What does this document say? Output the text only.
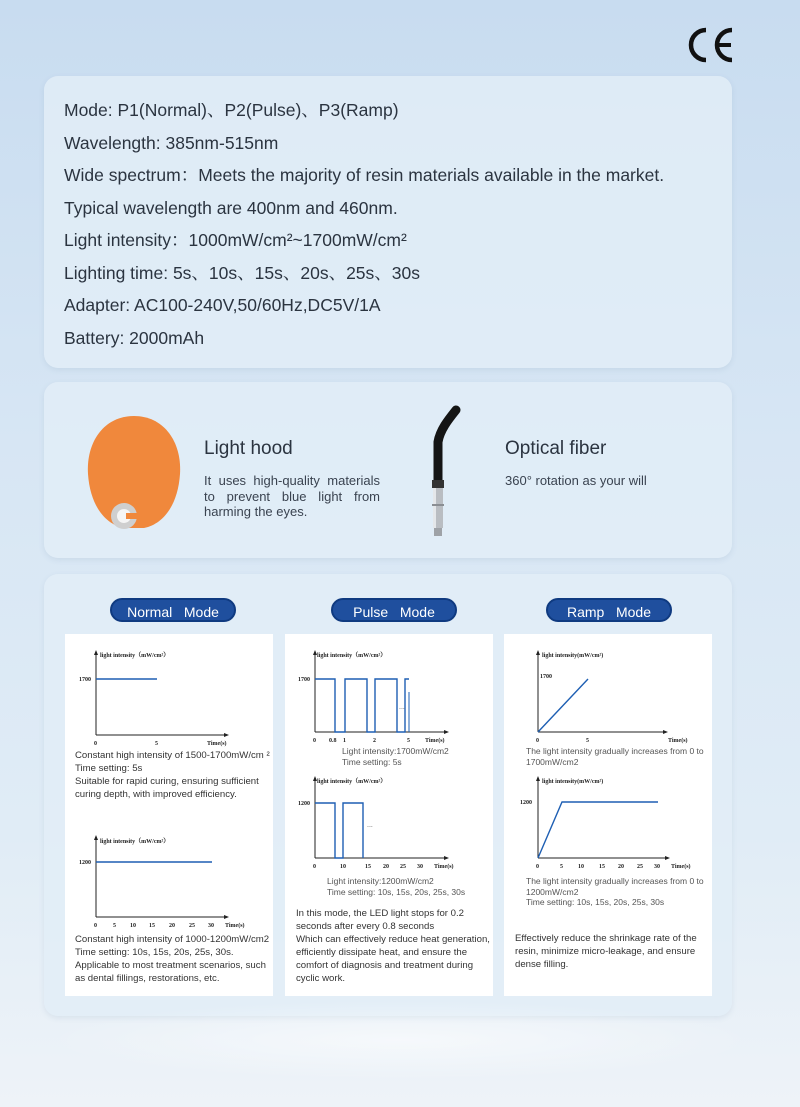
Mode: P1(Normal)、P2(Pulse)、P3(Ramp)
Wavelength: 385nm-515nm
Wide spectrum：Meets the majority of resin materials available in the market.
Typical wavelength are 400nm and 460nm.
Light intensity：1000mW/cm²~1700mW/cm²
Lighting time: 5s、10s、15s、20s、25s、30s
Adapter: AC100-240V,50/60Hz,DC5V/1A
Battery: 2000mAh
Light hood
It uses high-quality materials to prevent blue light from harming the eyes.
Optical fiber
360° rotation as your will
Normal   Mode	Pulse   Mode	Ramp   Mode
light intensity（mW/cm²）
1700
0	5	Time(s)
Constant high intensity of 1500-1700mW/cm ²
Time setting: 5s
Suitable for rapid curing, ensuring sufficient
curing depth, with improved efficiency.
light intensity（mW/cm²）
1200
0	5 10 15 20 25 30 Time(s)
Constant high intensity of 1000-1200mW/cm2
Time setting: 10s, 15s, 20s, 25s, 30s.
Applicable to most treatment scenarios, such
as dental fillings, restorations, etc.
...
light intensity（mW/cm²）
1700
0 0.8 1	2	5	Time(s)
Light intensity:1700mW/cm2
Time setting: 5s
...
light intensity（mW/cm²）
1200
0	10	15 20 25 30 Time(s)
Light intensity:1200mW/cm2
Time setting: 10s, 15s, 20s, 25s, 30s
In this mode, the LED light stops for 0.2
seconds after every 0.8 seconds
Which can effectively reduce heat generation,
efficiently dissipate heat, and ensure the
comfort of diagnosis and treatment during
cyclic work.
light intensity(mW/cm²)
1700
0	5	Time(s)
The light intensity gradually increases from 0 to
1700mW/cm2
light intensity(mW/cm²)
1200
0	5	10	15 20 25 30 Time(s)
The light intensity gradually increases from 0 to
1200mW/cm2
Time setting: 10s, 15s, 20s, 25s, 30s
Effectively reduce the shrinkage rate of the
resin, minimize micro-leakage, and ensure
dense filling.
